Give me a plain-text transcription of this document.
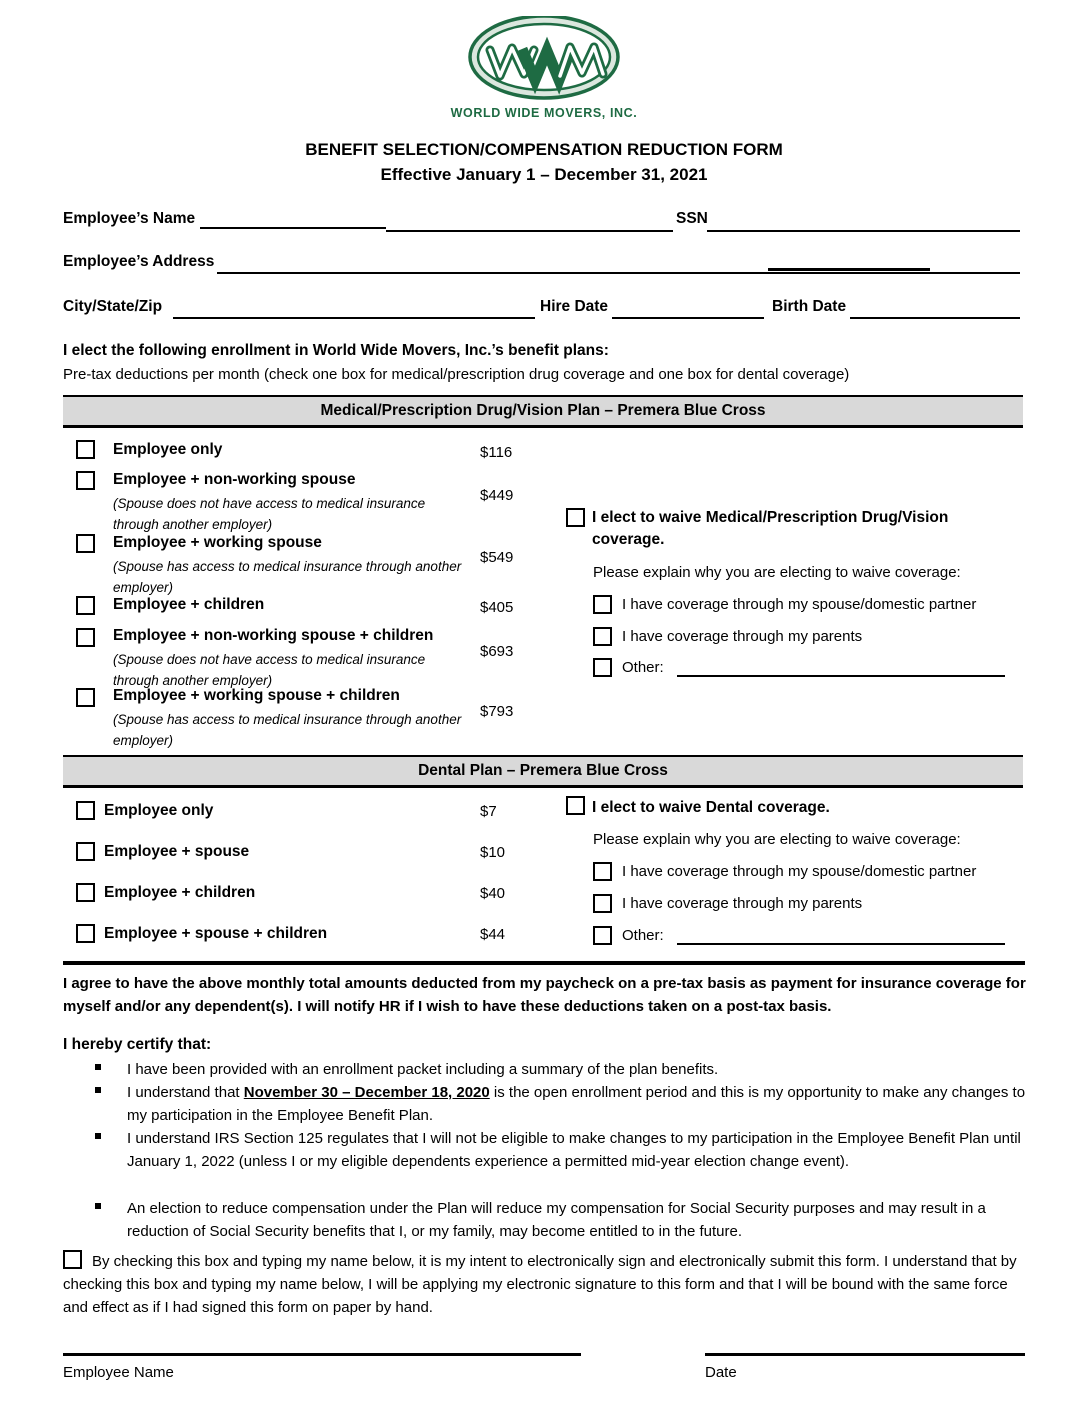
WORLD WIDE MOVERS, INC.
BENEFIT SELECTION/COMPENSATION REDUCTION FORM
Effective January 1 – December 31, 2021
Employee’s Name	SSN
Employee’s Address
City/State/Zip	Hire Date	Birth Date
I elect the following enrollment in World Wide Movers, Inc.’s benefit plans:
Pre-tax deductions per month (check one box for medical/prescription drug coverage and one box for dental coverage)
Medical/Prescription Drug/Vision Plan – Premera Blue Cross
Employee only	$116
Employee + non-working spouse
(Spouse does not have access to medical insurance through another employer)
$449
Employee + working spouse
(Spouse has access to medical insurance through another employer)
$549
Employee + children	$405
Employee + non-working spouse + children
(Spouse does not have access to medical insurance through another employer)
$693
Employee + working spouse + children
(Spouse has access to medical insurance through another employer)
$793
I elect to waive Medical/Prescription Drug/Vision coverage.
Please explain why you are electing to waive coverage:
I have coverage through my spouse/domestic partner
I have coverage through my parents
Other:
Dental Plan – Premera Blue Cross
Employee only	$7
Employee + spouse	$10
Employee + children	$40
Employee + spouse + children	$44
I elect to waive Dental coverage.
Please explain why you are electing to waive coverage:
I have coverage through my spouse/domestic partner
I have coverage through my parents
Other:
I agree to have the above monthly total amounts deducted from my paycheck on a pre-tax basis as payment for insurance coverage for myself and/or any dependent(s). I will notify HR if I wish to have these deductions taken on a post-tax basis.
I hereby certify that:
I have been provided with an enrollment packet including a summary of the plan benefits.
I understand that November 30 – December 18, 2020 is the open enrollment period and this is my opportunity to make any changes to my participation in the Employee Benefit Plan.
I understand IRS Section 125 regulates that I will not be eligible to make changes to my participation in the Employee Benefit Plan until January 1, 2022 (unless I or my eligible dependents experience a permitted mid-year election change event).
An election to reduce compensation under the Plan will reduce my compensation for Social Security purposes and may result in a reduction of Social Security benefits that I, or my family, may become entitled to in the future.
By checking this box and typing my name below, it is my intent to electronically sign and electronically submit this form. I understand that by checking this box and typing my name below, I will be applying my electronic signature to this form and that I will be bound with the same force and effect as if I had signed this form on paper by hand.
Employee Name	Date
